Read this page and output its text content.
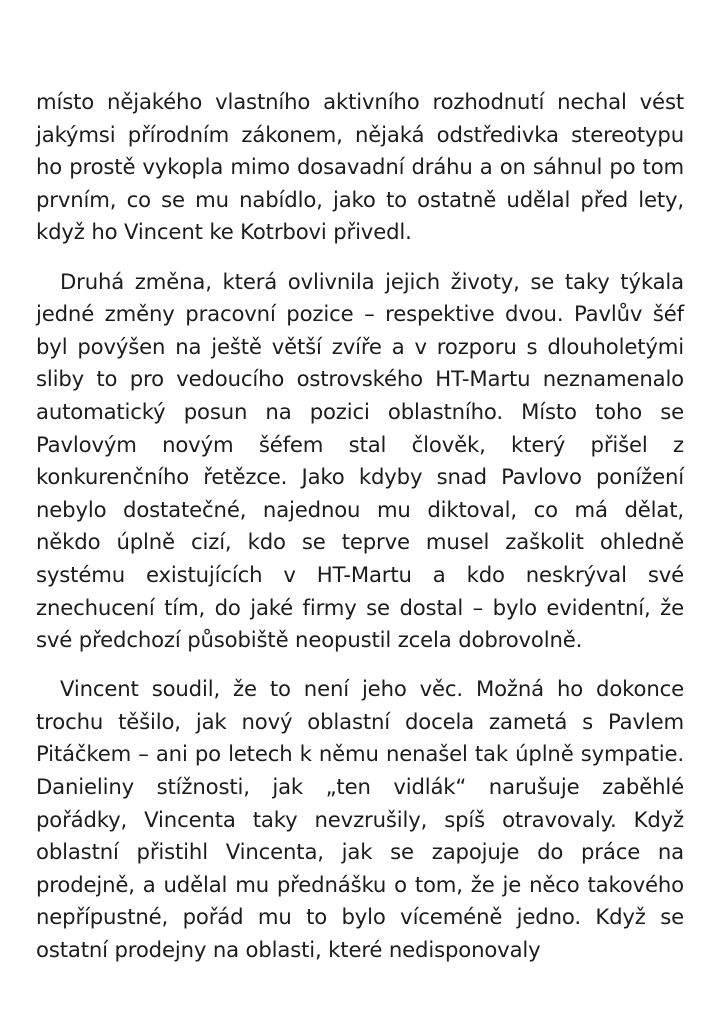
místo nějakého vlastního aktivního rozhodnutí nechal vést jakýmsi přírodním zákonem, nějaká odstředivka stereotypu ho prostě vykopla mimo dosavadní dráhu a on sáhnul po tom prvním, co se mu nabídlo, jako to ostatně udělal před lety, když ho Vincent ke Kotrbovi přivedl.

Druhá změna, která ovlivnila jejich životy, se taky týkala jedné změny pracovní pozice – respektive dvou. Pavlův šéf byl povýšen na ještě větší zvíře a v rozporu s dlouholetými sliby to pro vedoucího ostrovského HT-Martu neznamenalo automatický posun na pozici oblastního. Místo toho se Pavlovým novým šéfem stal člověk, který přišel z konkurenčního řetězce. Jako kdyby snad Pavlovo ponížení nebylo dostatečné, najednou mu diktoval, co má dělat, někdo úplně cizí, kdo se teprve musel zaškolit ohledně systému existujících v HT-Martu a kdo neskrýval své znechucení tím, do jaké firmy se dostal – bylo evidentní, že své předchozí působiště neopustil zcela dobrovolně.

Vincent soudil, že to není jeho věc. Možná ho dokonce trochu těšilo, jak nový oblastní docela zametá s Pavlem Pitáčkem – ani po letech k němu nenašel tak úplně sympatie. Danieliny stížnosti, jak „ten vidlák“ narušuje zaběhlé pořádky, Vincenta taky nevzrušily, spíš otravovaly. Když oblastní přistihl Vincenta, jak se zapojuje do práce na prodejně, a udělal mu přednášku o tom, že je něco takového nepřípustné, pořád mu to bylo víceméně jedno. Když se ostatní prodejny na oblasti, které nedisponovaly
